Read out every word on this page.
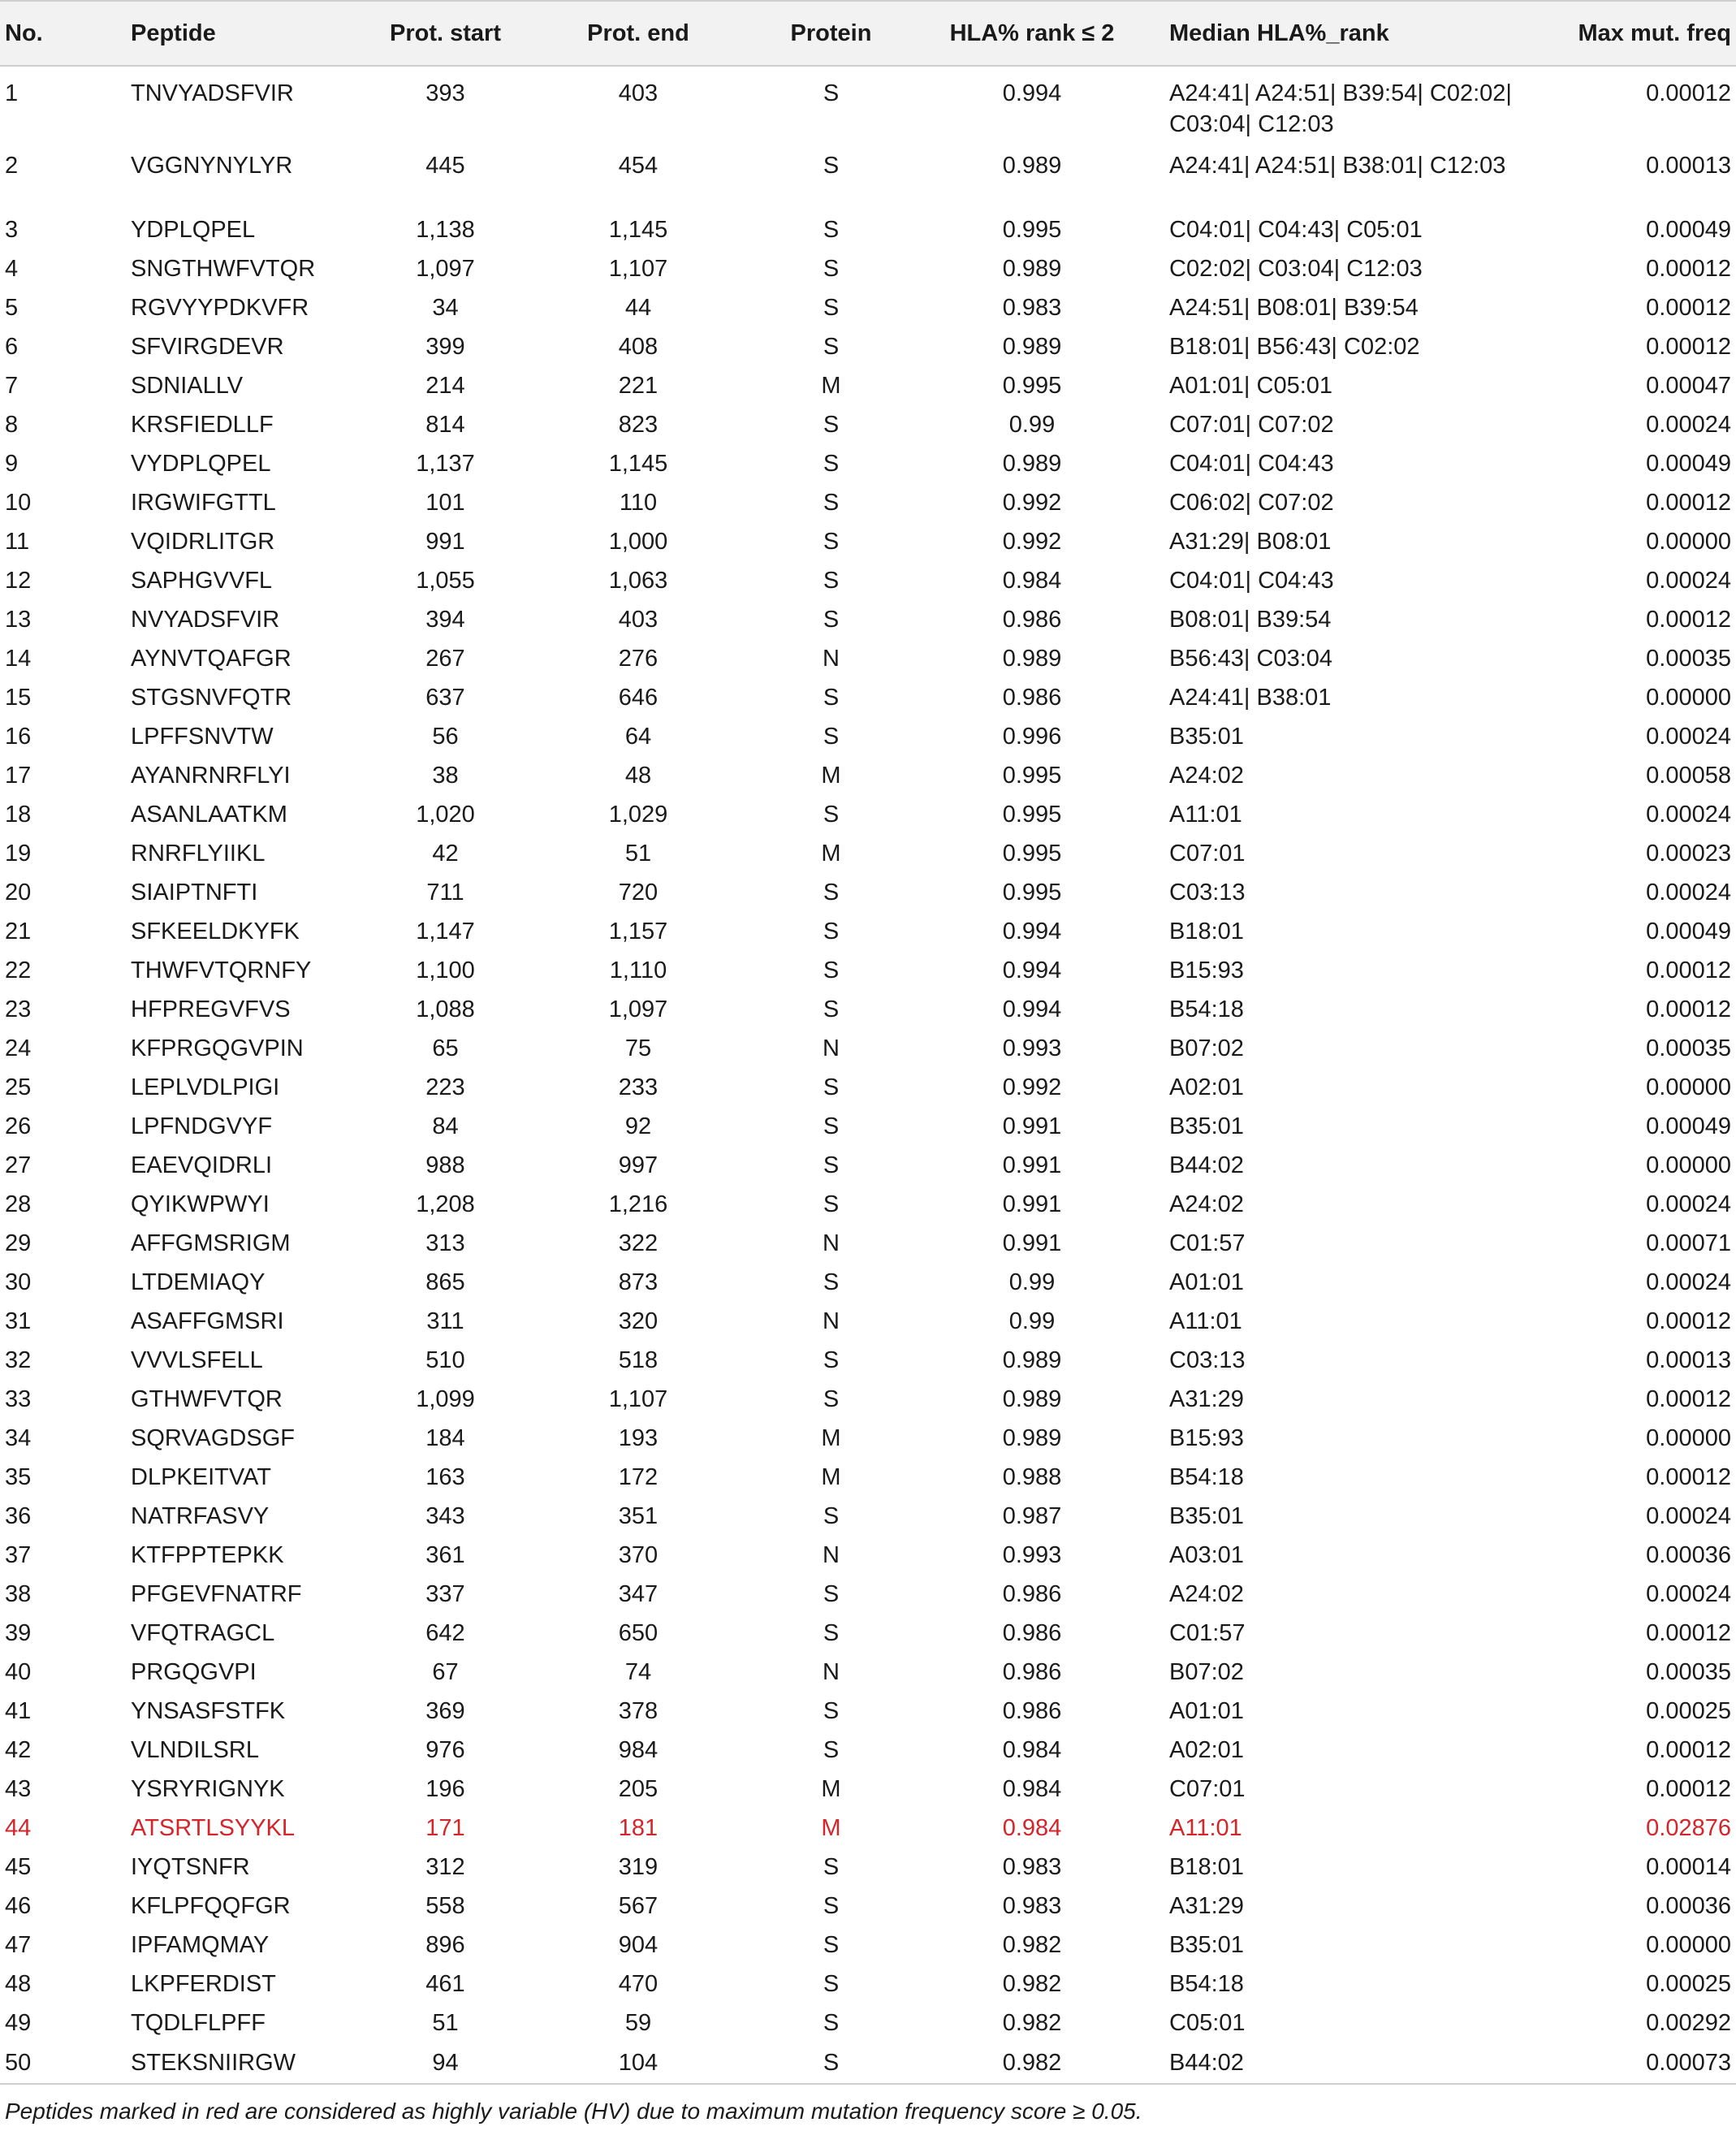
No.	Peptide	Prot. start	Prot. end	Protein	HLA% rank ≤ 2	Median HLA%_rank	Max mut. freq
1	TNVYADSFVIR	393	403	S	0.994	A24:41| A24:51| B39:54| C02:02| C03:04| C12:03	0.00012
2	VGGNYNYLYR	445	454	S	0.989	A24:41| A24:51| B38:01| C12:03	0.00013
3	YDPLQPEL	1,138	1,145	S	0.995	C04:01| C04:43| C05:01	0.00049
4	SNGTHWFVTQR	1,097	1,107	S	0.989	C02:02| C03:04| C12:03	0.00012
5	RGVYYPDKVFR	34	44	S	0.983	A24:51| B08:01| B39:54	0.00012
6	SFVIRGDEVR	399	408	S	0.989	B18:01| B56:43| C02:02	0.00012
7	SDNIALLV	214	221	M	0.995	A01:01| C05:01	0.00047
8	KRSFIEDLLF	814	823	S	0.99	C07:01| C07:02	0.00024
9	VYDPLQPEL	1,137	1,145	S	0.989	C04:01| C04:43	0.00049
10	IRGWIFGTTL	101	110	S	0.992	C06:02| C07:02	0.00012
11	VQIDRLITGR	991	1,000	S	0.992	A31:29| B08:01	0.00000
12	SAPHGVVFL	1,055	1,063	S	0.984	C04:01| C04:43	0.00024
13	NVYADSFVIR	394	403	S	0.986	B08:01| B39:54	0.00012
14	AYNVTQAFGR	267	276	N	0.989	B56:43| C03:04	0.00035
15	STGSNVFQTR	637	646	S	0.986	A24:41| B38:01	0.00000
16	LPFFSNVTW	56	64	S	0.996	B35:01	0.00024
17	AYANRNRFLYI	38	48	M	0.995	A24:02	0.00058
18	ASANLAATKM	1,020	1,029	S	0.995	A11:01	0.00024
19	RNRFLYIIKL	42	51	M	0.995	C07:01	0.00023
20	SIAIPTNFTI	711	720	S	0.995	C03:13	0.00024
21	SFKEELDKYFK	1,147	1,157	S	0.994	B18:01	0.00049
22	THWFVTQRNFY	1,100	1,110	S	0.994	B15:93	0.00012
23	HFPREGVFVS	1,088	1,097	S	0.994	B54:18	0.00012
24	KFPRGQGVPIN	65	75	N	0.993	B07:02	0.00035
25	LEPLVDLPIGI	223	233	S	0.992	A02:01	0.00000
26	LPFNDGVYF	84	92	S	0.991	B35:01	0.00049
27	EAEVQIDRLI	988	997	S	0.991	B44:02	0.00000
28	QYIKWPWYI	1,208	1,216	S	0.991	A24:02	0.00024
29	AFFGMSRIGM	313	322	N	0.991	C01:57	0.00071
30	LTDEMIAQY	865	873	S	0.99	A01:01	0.00024
31	ASAFFGMSRI	311	320	N	0.99	A11:01	0.00012
32	VVVLSFELL	510	518	S	0.989	C03:13	0.00013
33	GTHWFVTQR	1,099	1,107	S	0.989	A31:29	0.00012
34	SQRVAGDSGF	184	193	M	0.989	B15:93	0.00000
35	DLPKEITVAT	163	172	M	0.988	B54:18	0.00012
36	NATRFASVY	343	351	S	0.987	B35:01	0.00024
37	KTFPPTEPKK	361	370	N	0.993	A03:01	0.00036
38	PFGEVFNATRF	337	347	S	0.986	A24:02	0.00024
39	VFQTRAGCL	642	650	S	0.986	C01:57	0.00012
40	PRGQGVPI	67	74	N	0.986	B07:02	0.00035
41	YNSASFSTFK	369	378	S	0.986	A01:01	0.00025
42	VLNDILSRL	976	984	S	0.984	A02:01	0.00012
43	YSRYRIGNYK	196	205	M	0.984	C07:01	0.00012
44	ATSRTLSYYKL	171	181	M	0.984	A11:01	0.02876
45	IYQTSNFR	312	319	S	0.983	B18:01	0.00014
46	KFLPFQQFGR	558	567	S	0.983	A31:29	0.00036
47	IPFAMQMAY	896	904	S	0.982	B35:01	0.00000
48	LKPFERDIST	461	470	S	0.982	B54:18	0.00025
49	TQDLFLPFF	51	59	S	0.982	C05:01	0.00292
50	STEKSNIIRGW	94	104	S	0.982	B44:02	0.00073
Peptides marked in red are considered as highly variable (HV) due to maximum mutation frequency score ≥ 0.05.
